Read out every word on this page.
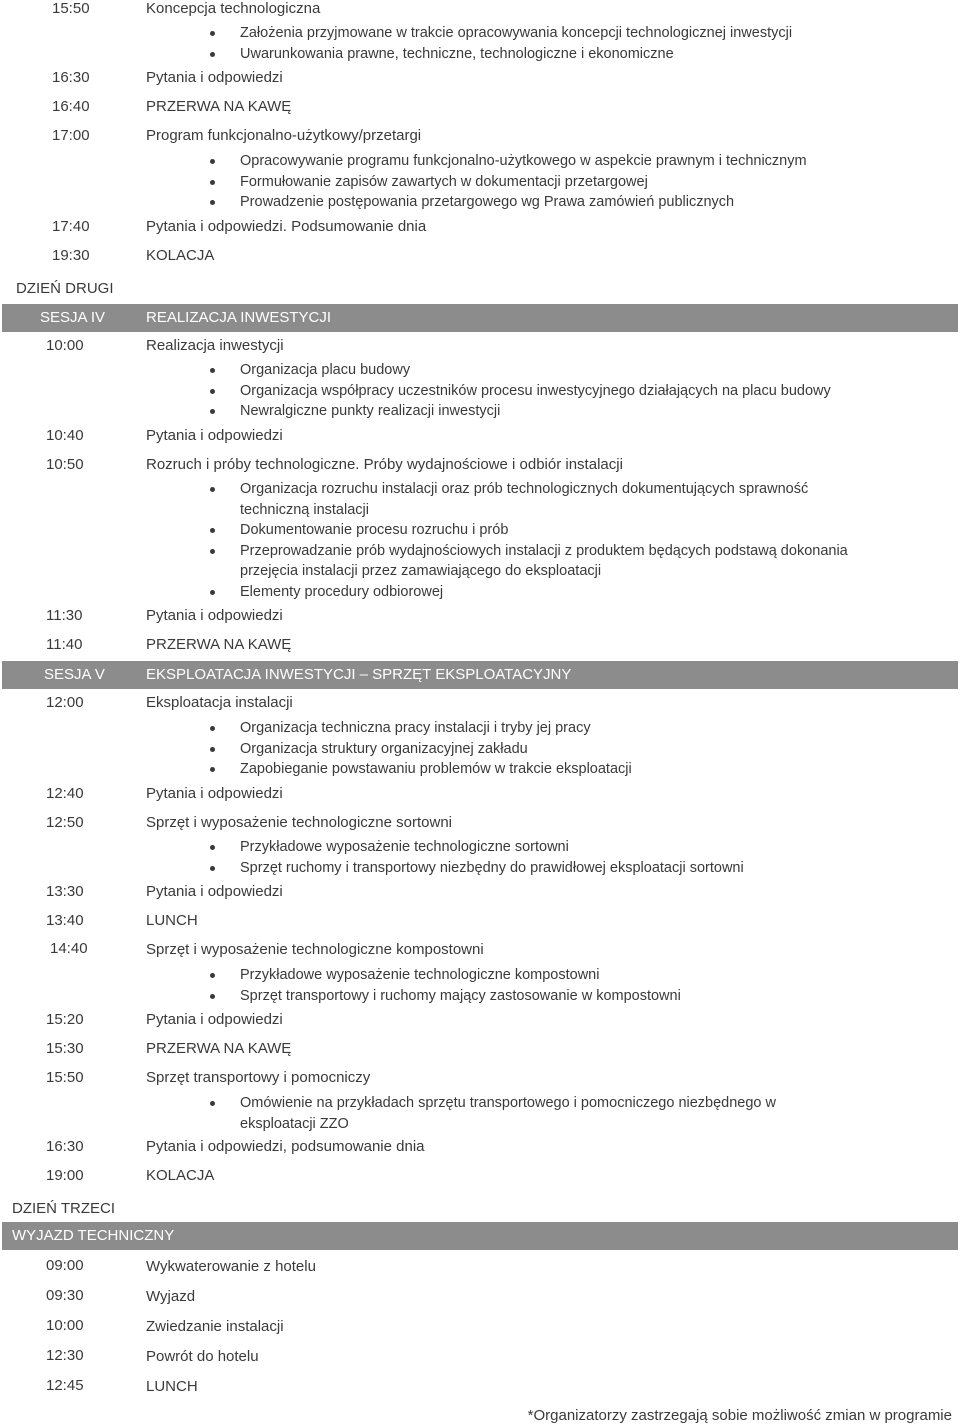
15:50	Koncepcja technologiczna
Założenia przyjmowane w trakcie opracowywania koncepcji technologicznej inwestycji
Uwarunkowania prawne, techniczne, technologiczne i ekonomiczne
16:30	Pytania i odpowiedzi
16:40	PRZERWA NA KAWĘ
17:00	Program funkcjonalno-użytkowy/przetargi
Opracowywanie programu funkcjonalno-użytkowego w aspekcie prawnym i technicznym
Formułowanie zapisów zawartych w dokumentacji przetargowej
Prowadzenie postępowania przetargowego wg Prawa zamówień publicznych
17:40	Pytania i odpowiedzi. Podsumowanie dnia
19:30	KOLACJA
DZIEŃ DRUGI
SESJA IV	REALIZACJA INWESTYCJI
10:00	Realizacja inwestycji
Organizacja placu budowy
Organizacja współpracy uczestników procesu inwestycyjnego działających na placu budowy
Newralgiczne punkty realizacji inwestycji
10:40	Pytania i odpowiedzi
10:50	Rozruch i próby technologiczne. Próby wydajnościowe i odbiór instalacji
Organizacja rozruchu instalacji oraz prób technologicznych dokumentujących sprawność techniczną instalacji
Dokumentowanie procesu rozruchu i prób
Przeprowadzanie prób wydajnościowych instalacji z produktem będących podstawą dokonania przejęcia instalacji przez zamawiającego do eksploatacji
Elementy procedury odbiorowej
11:30	Pytania i odpowiedzi
11:40	PRZERWA NA KAWĘ
SESJA V	EKSPLOATACJA INWESTYCJI – SPRZĘT EKSPLOATACYJNY
12:00	Eksploatacja instalacji
Organizacja techniczna pracy instalacji i tryby jej pracy
Organizacja struktury organizacyjnej zakładu
Zapobieganie powstawaniu problemów w trakcie eksploatacji
12:40	Pytania i odpowiedzi
12:50	Sprzęt i wyposażenie technologiczne sortowni
Przykładowe wyposażenie technologiczne sortowni
Sprzęt ruchomy i transportowy niezbędny do prawidłowej eksploatacji sortowni
13:30	Pytania i odpowiedzi
13:40	LUNCH
14:40	Sprzęt i wyposażenie technologiczne kompostowni
Przykładowe wyposażenie technologiczne kompostowni
Sprzęt transportowy i ruchomy mający zastosowanie w kompostowni
15:20	Pytania i odpowiedzi
15:30	PRZERWA NA KAWĘ
15:50	Sprzęt transportowy i pomocniczy
Omówienie na przykładach sprzętu transportowego i pomocniczego niezbędnego w eksploatacji ZZO
16:30	Pytania i odpowiedzi, podsumowanie dnia
19:00	KOLACJA
DZIEŃ TRZECI
WYJAZD TECHNICZNY
09:00	Wykwaterowanie z hotelu
09:30	Wyjazd
10:00	Zwiedzanie instalacji
12:30	Powrót do hotelu
12:45	LUNCH
*Organizatorzy zastrzegają sobie możliwość zmian w programie
